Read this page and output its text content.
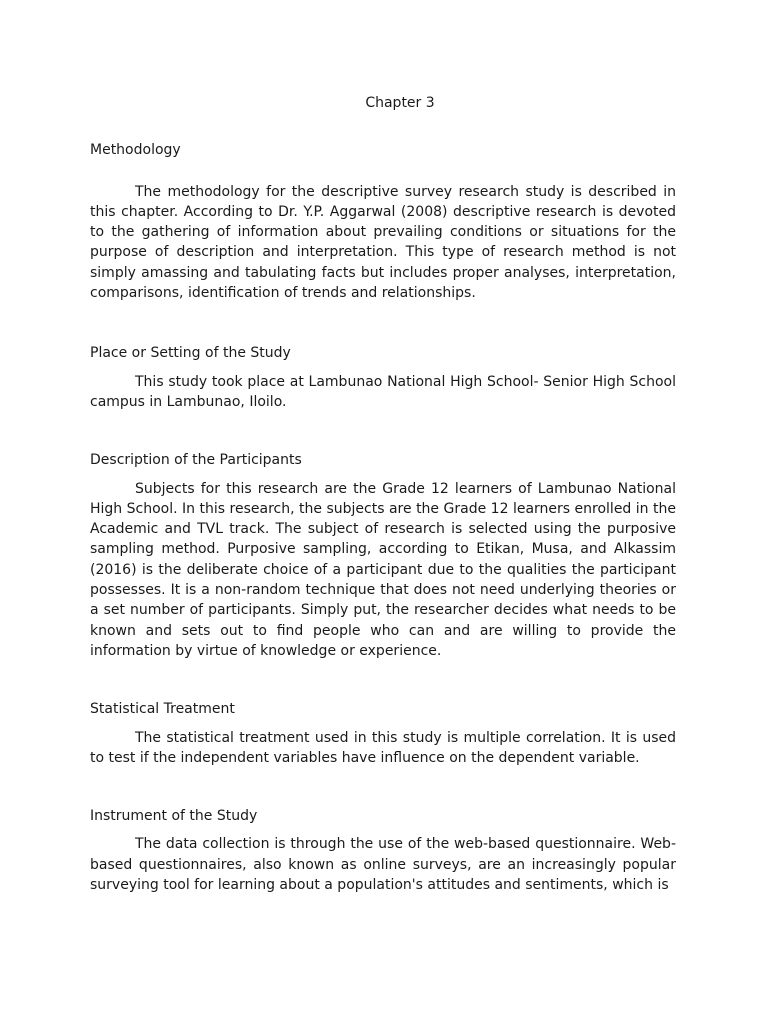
Chapter 3
Methodology

The methodology for the descriptive survey research study is described in this chapter. According to Dr. Y.P. Aggarwal (2008) descriptive research is devoted to the gathering of information about prevailing conditions or situations for the purpose of description and interpretation. This type of research method is not simply amassing and tabulating facts but includes proper analyses, interpretation, comparisons, identification of trends and relationships.

Place or Setting of the Study

This study took place at Lambunao National High School- Senior High School campus in Lambunao, Iloilo.

Description of the Participants

Subjects for this research are the Grade 12 learners of Lambunao National High School. In this research, the subjects are the Grade 12 learners enrolled in the Academic and TVL track. The subject of research is selected using the purposive sampling method. Purposive sampling, according to Etikan, Musa, and Alkassim (2016) is the deliberate choice of a participant due to the qualities the participant possesses. It is a non-random technique that does not need underlying theories or a set number of participants. Simply put, the researcher decides what needs to be known and sets out to find people who can and are willing to provide the information by virtue of knowledge or experience.

Statistical Treatment

The statistical treatment used in this study is multiple correlation. It is used to test if the independent variables have influence on the dependent variable.

Instrument of the Study

The data collection is through the use of the web-based questionnaire. Web-based questionnaires, also known as online surveys, are an increasingly popular surveying tool for learning about a population's attitudes and sentiments, which is
